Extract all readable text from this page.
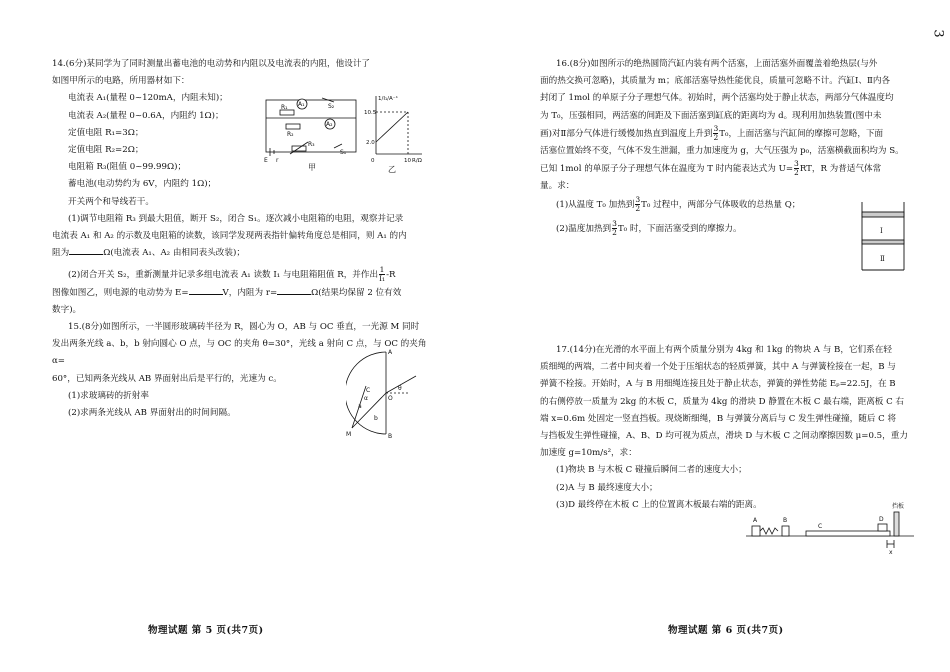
3

14.(6分)某同学为了同时测量出蓄电池的电动势和内阻以及电流表的内阻，他设计了

如图甲所示的电路，所用器材如下：

电流表 A₁(量程 0~120mA，内阻未知)；

电流表 A₂(量程 0~0.6A，内阻约 1Ω)；

定值电阻 R₁=3Ω；

定值电阻 R₂=2Ω；

电阻箱 R₃(阻值 0~99.99Ω)；

蓄电池(电动势约为 6V，内阻约 1Ω)；

开关两个和导线若干。

(1)调节电阻箱 R₃ 到最大阻值，断开 S₂，闭合 S₁。逐次减小电阻箱的电阻，观察并记录

电流表 A₁ 和 A₂ 的示数及电阻箱的读数，该同学发现两表指针偏转角度总是相同，则 A₁ 的内

阻为	Ω(电流表 A₁、A₂ 由相同表头改装)；

(2)闭合开关 S₂，重新测量并记录多组电流表 A₁ 读数 I₁ 与电阻箱阻值 R，并作出 $\frac{1}{\text{I₁}} -R$

图像如图乙，则电源的电动势为 E=	V，内阻为 r=	Ω(结果均保留 2 位有效

数字)。

15.(8分)如图所示，一半圆形玻璃砖半径为 R，圆心为 O，AB 与 OC 垂直，一光源 M 同时

发出两条光线 a、b，b 射向圆心 O 点，与 OC 的夹角 θ=30°，光线 a 射向 C 点，与 OC 的夹角 α=

60°，已知两条光线从 AB 界面射出后是平行的，光速为 c。

(1)求玻璃砖的折射率

(2)求两条光线从 AB 界面射出的时间间隔。

A₁
A₂
R₁
R₂
R₃
S₂
S₁
E r
甲
1/I₁/A⁻¹
10.5
2.0
0	10 R/Ω
乙
A
B
C
O
M
a
b
α
θ
物理试题 第 5 页(共7页)

16.(8分)如图所示的绝热圆筒汽缸内装有两个活塞，上面活塞外面覆盖着绝热层(与外

面的热交换可忽略)，其质量为 m；底部活塞导热性能优良，质量可忽略不计。汽缸Ⅰ、Ⅱ内各

封闭了 1mol 的单原子分子理想气体。初始时，两个活塞均处于静止状态，两部分气体温度均

为 T₀，压强相同，两活塞的间距及下面活塞到缸底的距离均为 d。现利用加热装置(图中未

画)对Ⅱ部分气体进行缓慢加热直到温度上升到 $\frac{3}{2} T_0$，上面活塞与汽缸间的摩擦可忽略，下面

活塞位置始终不变，气体不发生泄漏，重力加速度为 g，大气压强为 p₀，活塞横截面积均为 S。

已知 1mol 的单原子分子理想气体在温度为 T 时内能表达式为 $U= \frac{3}{2}$ RT，R 为普适气体常

量。求：

(1)从温度 T₀ 加热到 $\frac{3}{2} T_0$ 过程中，两部分气体吸收的总热量 Q；

(2)温度加热到 $\frac{3}{2} T_0$ 时，下面活塞受到的摩擦力。

17.(14分)在光滑的水平面上有两个质量分别为 4kg 和 1kg 的物块 A 与 B，它们系在轻

质细绳的两端，二者中间夹着一个处于压缩状态的轻质弹簧，其中 A 与弹簧栓接在一起，B 与

弹簧不栓接。开始时，A 与 B 用细绳连接且处于静止状态，弹簧的弹性势能 Eₚ=22.5J，在 B

的右侧停放一质量为 2kg 的木板 C，质量为 4kg 的滑块 D 静置在木板 C 最右端，距离板 C 右

端 x=0.6m 处固定一竖直挡板。现烧断细绳，B 与弹簧分离后与 C 发生弹性碰撞，随后 C 将

与挡板发生弹性碰撞，A、B、D 均可视为质点，滑块 D 与木板 C 之间动摩擦因数 μ=0.5，重力

加速度 g=10m/s²，求：

(1)物块 B 与木板 C 碰撞后瞬间二者的速度大小；

(2)A 与 B 最终速度大小；

(3)D 最终停在木板 C 上的位置离木板最右端的距离。

Ⅰ
Ⅱ
A	B
C
D
x
挡板
物理试题 第 6 页(共7页)
